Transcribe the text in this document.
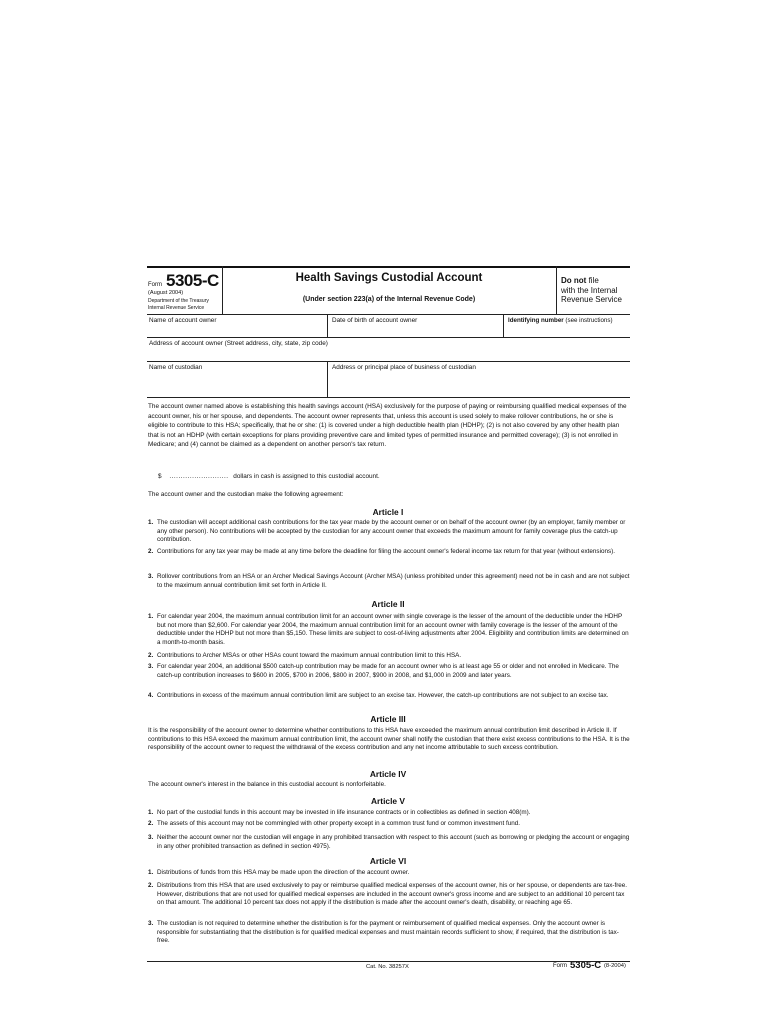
Form 5305-C
(August 2004)
Department of the Treasury
Internal Revenue Service
Health Savings Custodial Account
(Under section 223(a) of the Internal Revenue Code)
Do not file
with the Internal
Revenue Service
Name of account owner	Date of birth of account owner	Identifying number (see instructions)
Address of account owner (Street address, city, state, zip code)
Name of custodian	Address or principal place of business of custodian
The account owner named above is establishing this health savings account (HSA) exclusively for the purpose of paying or reimbursing qualified medical expenses of the account owner, his or her spouse, and dependents. The account owner represents that, unless this account is used solely to make rollover contributions, he or she is eligible to contribute to this HSA; specifically, that he or she: (1) is covered under a high deductible health plan (HDHP); (2) is not also covered by any other health plan that is not an HDHP (with certain exceptions for plans providing preventive care and limited types of permitted insurance and permitted coverage); (3) is not enrolled in Medicare; and (4) cannot be claimed as a dependent on another person's tax return.
$ .......................... dollars in cash is assigned to this custodial account.
The account owner and the custodian make the following agreement:
Article I
1. The custodian will accept additional cash contributions for the tax year made by the account owner or on behalf of the account owner (by an employer, family member or any other person). No contributions will be accepted by the custodian for any account owner that exceeds the maximum amount for family coverage plus the catch-up contribution.
2. Contributions for any tax year may be made at any time before the deadline for filing the account owner's federal income tax return for that year (without extensions).
3. Rollover contributions from an HSA or an Archer Medical Savings Account (Archer MSA) (unless prohibited under this agreement) need not be in cash and are not subject to the maximum annual contribution limit set forth in Article II.
Article II
1. For calendar year 2004, the maximum annual contribution limit for an account owner with single coverage is the lesser of the amount of the deductible under the HDHP but not more than $2,600. For calendar year 2004, the maximum annual contribution limit for an account owner with family coverage is the lesser of the amount of the deductible under the HDHP but not more than $5,150. These limits are subject to cost-of-living adjustments after 2004. Eligibility and contribution limits are determined on a month-to-month basis.
2. Contributions to Archer MSAs or other HSAs count toward the maximum annual contribution limit to this HSA.
3. For calendar year 2004, an additional $500 catch-up contribution may be made for an account owner who is at least age 55 or older and not enrolled in Medicare. The catch-up contribution increases to $600 in 2005, $700 in 2006, $800 in 2007, $900 in 2008, and $1,000 in 2009 and later years.
4. Contributions in excess of the maximum annual contribution limit are subject to an excise tax. However, the catch-up contributions are not subject to an excise tax.
Article III
It is the responsibility of the account owner to determine whether contributions to this HSA have exceeded the maximum annual contribution limit described in Article II. If contributions to this HSA exceed the maximum annual contribution limit, the account owner shall notify the custodian that there exist excess contributions to the HSA. It is the responsibility of the account owner to request the withdrawal of the excess contribution and any net income attributable to such excess contribution.
Article IV
The account owner's interest in the balance in this custodial account is nonforfeitable.
Article V
1. No part of the custodial funds in this account may be invested in life insurance contracts or in collectibles as defined in section 408(m).
2. The assets of this account may not be commingled with other property except in a common trust fund or common investment fund.
3. Neither the account owner nor the custodian will engage in any prohibited transaction with respect to this account (such as borrowing or pledging the account or engaging in any other prohibited transaction as defined in section 4975).
Article VI
1. Distributions of funds from this HSA may be made upon the direction of the account owner.
2. Distributions from this HSA that are used exclusively to pay or reimburse qualified medical expenses of the account owner, his or her spouse, or dependents are tax-free. However, distributions that are not used for qualified medical expenses are included in the account owner's gross income and are subject to an additional 10 percent tax on that amount. The additional 10 percent tax does not apply if the distribution is made after the account owner's death, disability, or reaching age 65.
3. The custodian is not required to determine whether the distribution is for the payment or reimbursement of qualified medical expenses. Only the account owner is responsible for substantiating that the distribution is for qualified medical expenses and must maintain records sufficient to show, if required, that the distribution is tax-free.
Cat. No. 38257X	Form 5305-C (8-2004)
